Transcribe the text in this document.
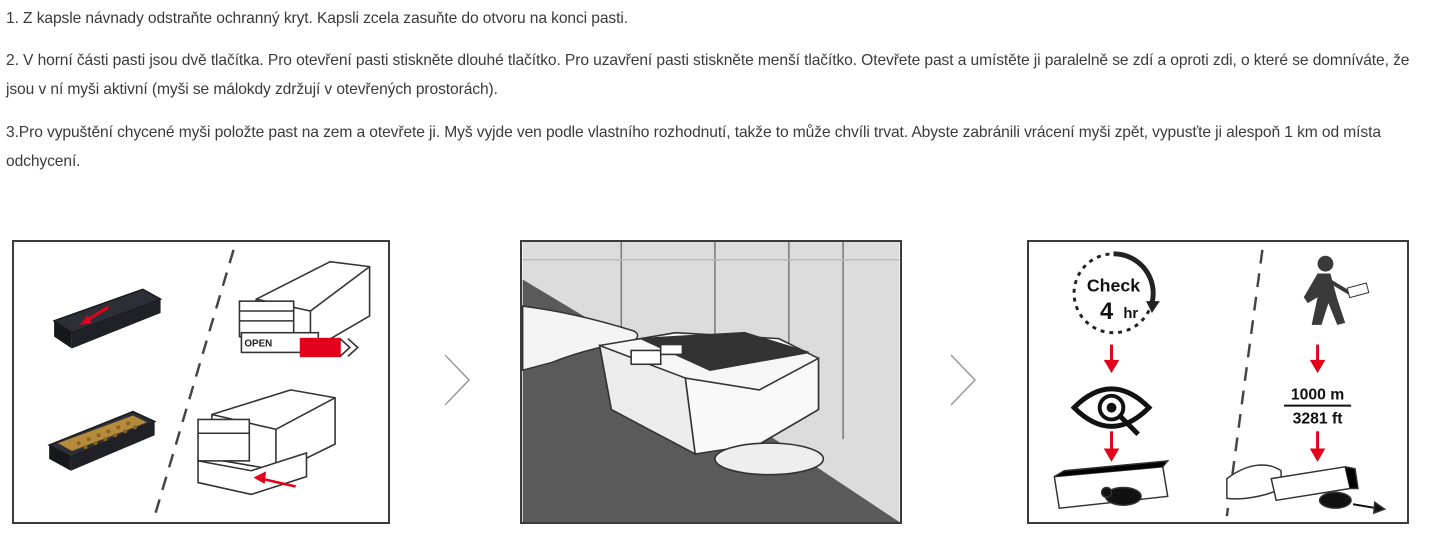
1. Z kapsle návnady odstraňte ochranný kryt. Kapsli zcela zasuňte do otvoru na konci pasti.

2. V horní části pasti jsou dvě tlačítka. Pro otevření pasti stiskněte dlouhé tlačítko. Pro uzavření pasti stiskněte menší tlačítko. Otevřete past a umístěte ji paralelně se zdí a oproti zdi, o které se domníváte, že jsou v ní myši aktivní (myši se málokdy zdržují v otevřených prostorách).

3.Pro vypuštění chycené myši položte past na zem a otevřete ji. Myš vyjde ven podle vlastního rozhodnutí, takže to může chvíli trvat. Abyste zabránili vrácení myši zpět, vypusťte ji alespoň 1 km od místa odchycení.

OPEN
Check
4 hr
1000 m
3281 ft
